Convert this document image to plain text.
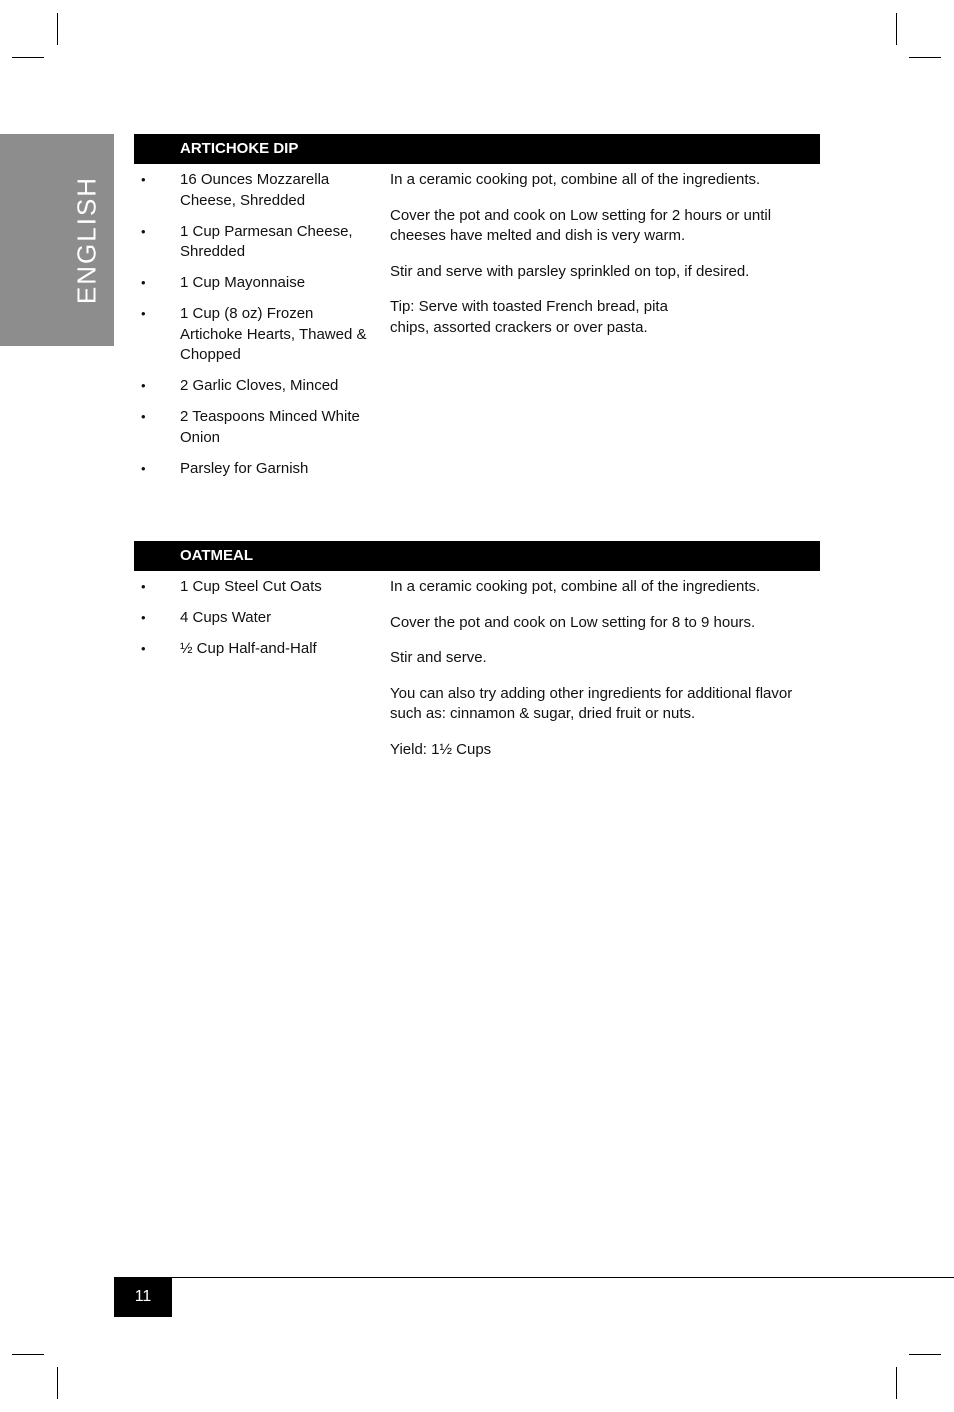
ENGLISH
ARTICHOKE DIP
• 16 Ounces Mozzarella Cheese, Shredded
• 1 Cup Parmesan Cheese, Shredded
• 1 Cup Mayonnaise
• 1 Cup (8 oz) Frozen Artichoke Hearts, Thawed & Chopped
• 2 Garlic Cloves, Minced
• 2 Teaspoons Minced White Onion
• Parsley for Garnish

In a ceramic cooking pot, combine all of the ingredients.

Cover the pot and cook on Low setting for 2 hours or until cheeses have melted and dish is very warm.

Stir and serve with parsley sprinkled on top, if desired.

Tip: Serve with toasted French bread, pita chips, assorted crackers or over pasta.

OATMEAL
• 1 Cup Steel Cut Oats
• 4 Cups Water
• ½ Cup Half-and-Half

In a ceramic cooking pot, combine all of the ingredients.

Cover the pot and cook on Low setting for 8 to 9 hours.

Stir and serve.

You can also try adding other ingredients for additional flavor such as: cinnamon & sugar, dried fruit or nuts.

Yield: 1½ Cups

11
